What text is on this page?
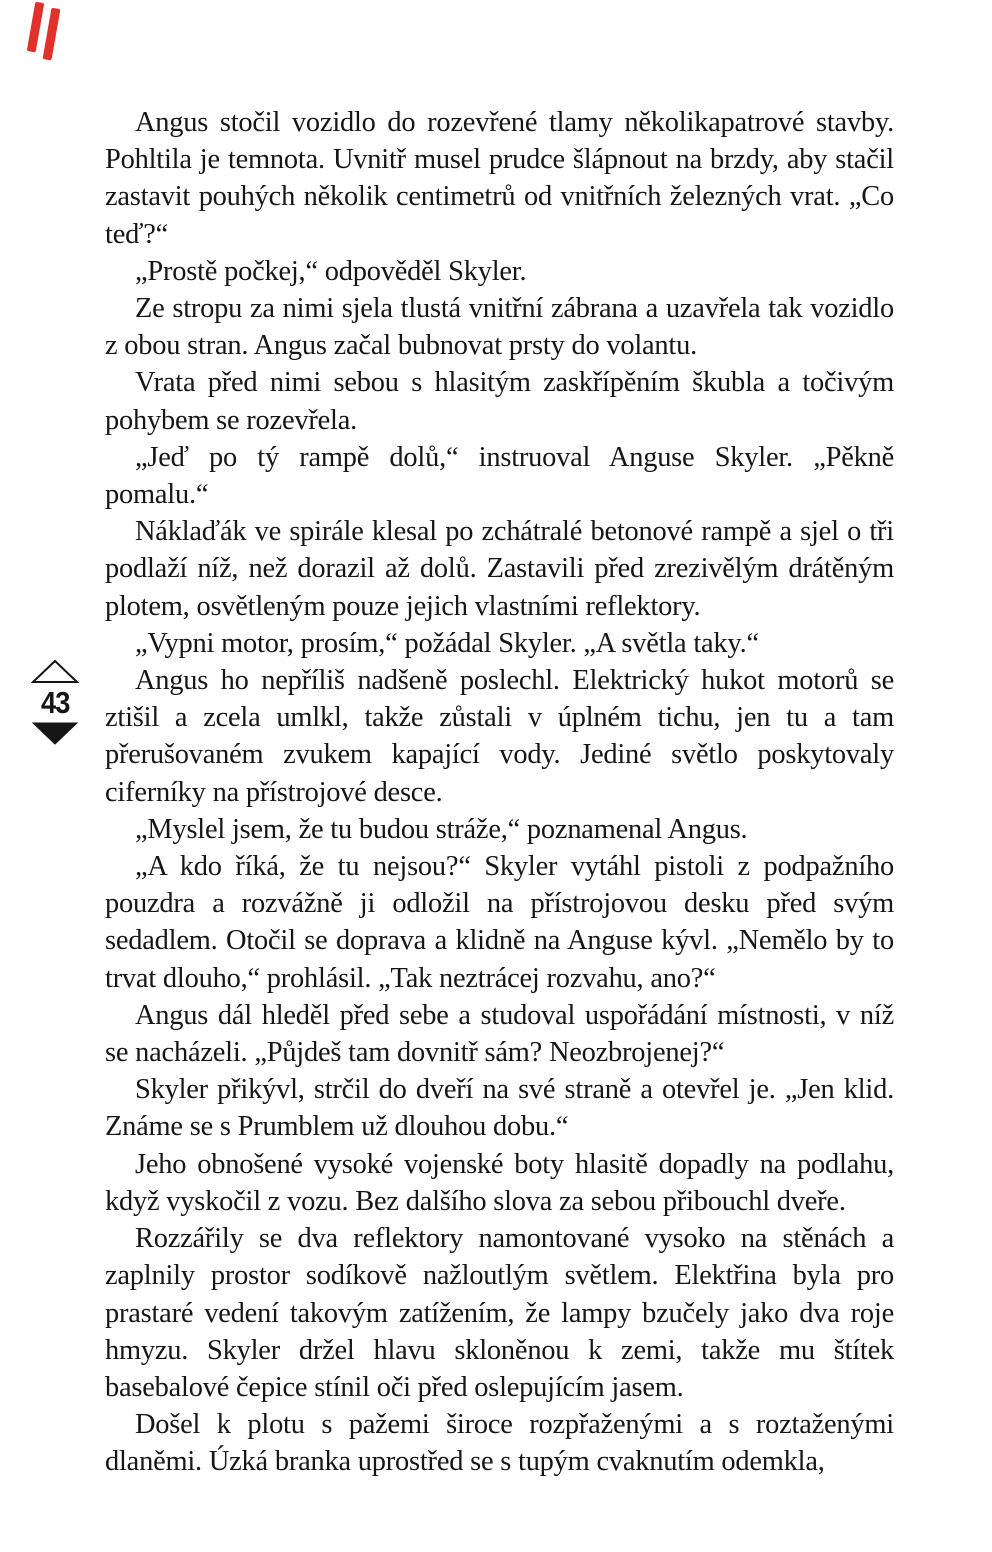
43

Angus stočil vozidlo do rozevřené tlamy několikapatrové stavby. Pohltila je temnota. Uvnitř musel prudce šlápnout na brzdy, aby stačil zastavit pouhých několik centimetrů od vnitřních železných vrat. „Co teď?“

„Prostě počkej,“ odpověděl Skyler.

Ze stropu za nimi sjela tlustá vnitřní zábrana a uzavřela tak vozidlo z obou stran. Angus začal bubnovat prsty do volantu.

Vrata před nimi sebou s hlasitým zaskřípěním škubla a točivým pohybem se rozevřela.

„Jeď po tý rampě dolů,“ instruoval Anguse Skyler. „Pěkně pomalu.“

Náklaďák ve spirále klesal po zchátralé betonové rampě a sjel o tři podlaží níž, než dorazil až dolů. Zastavili před zrezivělým drátěným plotem, osvětleným pouze jejich vlastními reflektory.

„Vypni motor, prosím,“ požádal Skyler. „A světla taky.“

Angus ho nepříliš nadšeně poslechl. Elektrický hukot motorů se ztišil a zcela umlkl, takže zůstali v úplném tichu, jen tu a tam přerušovaném zvukem kapající vody. Jediné světlo poskytovaly ciferníky na přístrojové desce.

„Myslel jsem, že tu budou stráže,“ poznamenal Angus.

„A kdo říká, že tu nejsou?“ Skyler vytáhl pistoli z podpažního pouzdra a rozvážně ji odložil na přístrojovou desku před svým sedadlem. Otočil se doprava a klidně na Anguse kývl. „Nemělo by to trvat dlouho,“ prohlásil. „Tak neztrácej rozvahu, ano?“

Angus dál hleděl před sebe a studoval uspořádání místnosti, v níž se nacházeli. „Půjdeš tam dovnitř sám? Neozbrojenej?“

Skyler přikývl, strčil do dveří na své straně a otevřel je. „Jen klid. Známe se s Prumblem už dlouhou dobu.“

Jeho obnošené vysoké vojenské boty hlasitě dopadly na podlahu, když vyskočil z vozu. Bez dalšího slova za sebou přibouchl dveře.

Rozzářily se dva reflektory namontované vysoko na stěnách a zaplnily prostor sodíkově nažloutlým světlem. Elektřina byla pro prastaré vedení takovým zatížením, že lampy bzučely jako dva roje hmyzu. Skyler držel hlavu skloněnou k zemi, takže mu štítek basebalové čepice stínil oči před oslepujícím jasem.

Došel k plotu s pažemi široce rozpřaženými a s roztaženými dlaněmi. Úzká branka uprostřed se s tupým cvaknutím odemkla,
